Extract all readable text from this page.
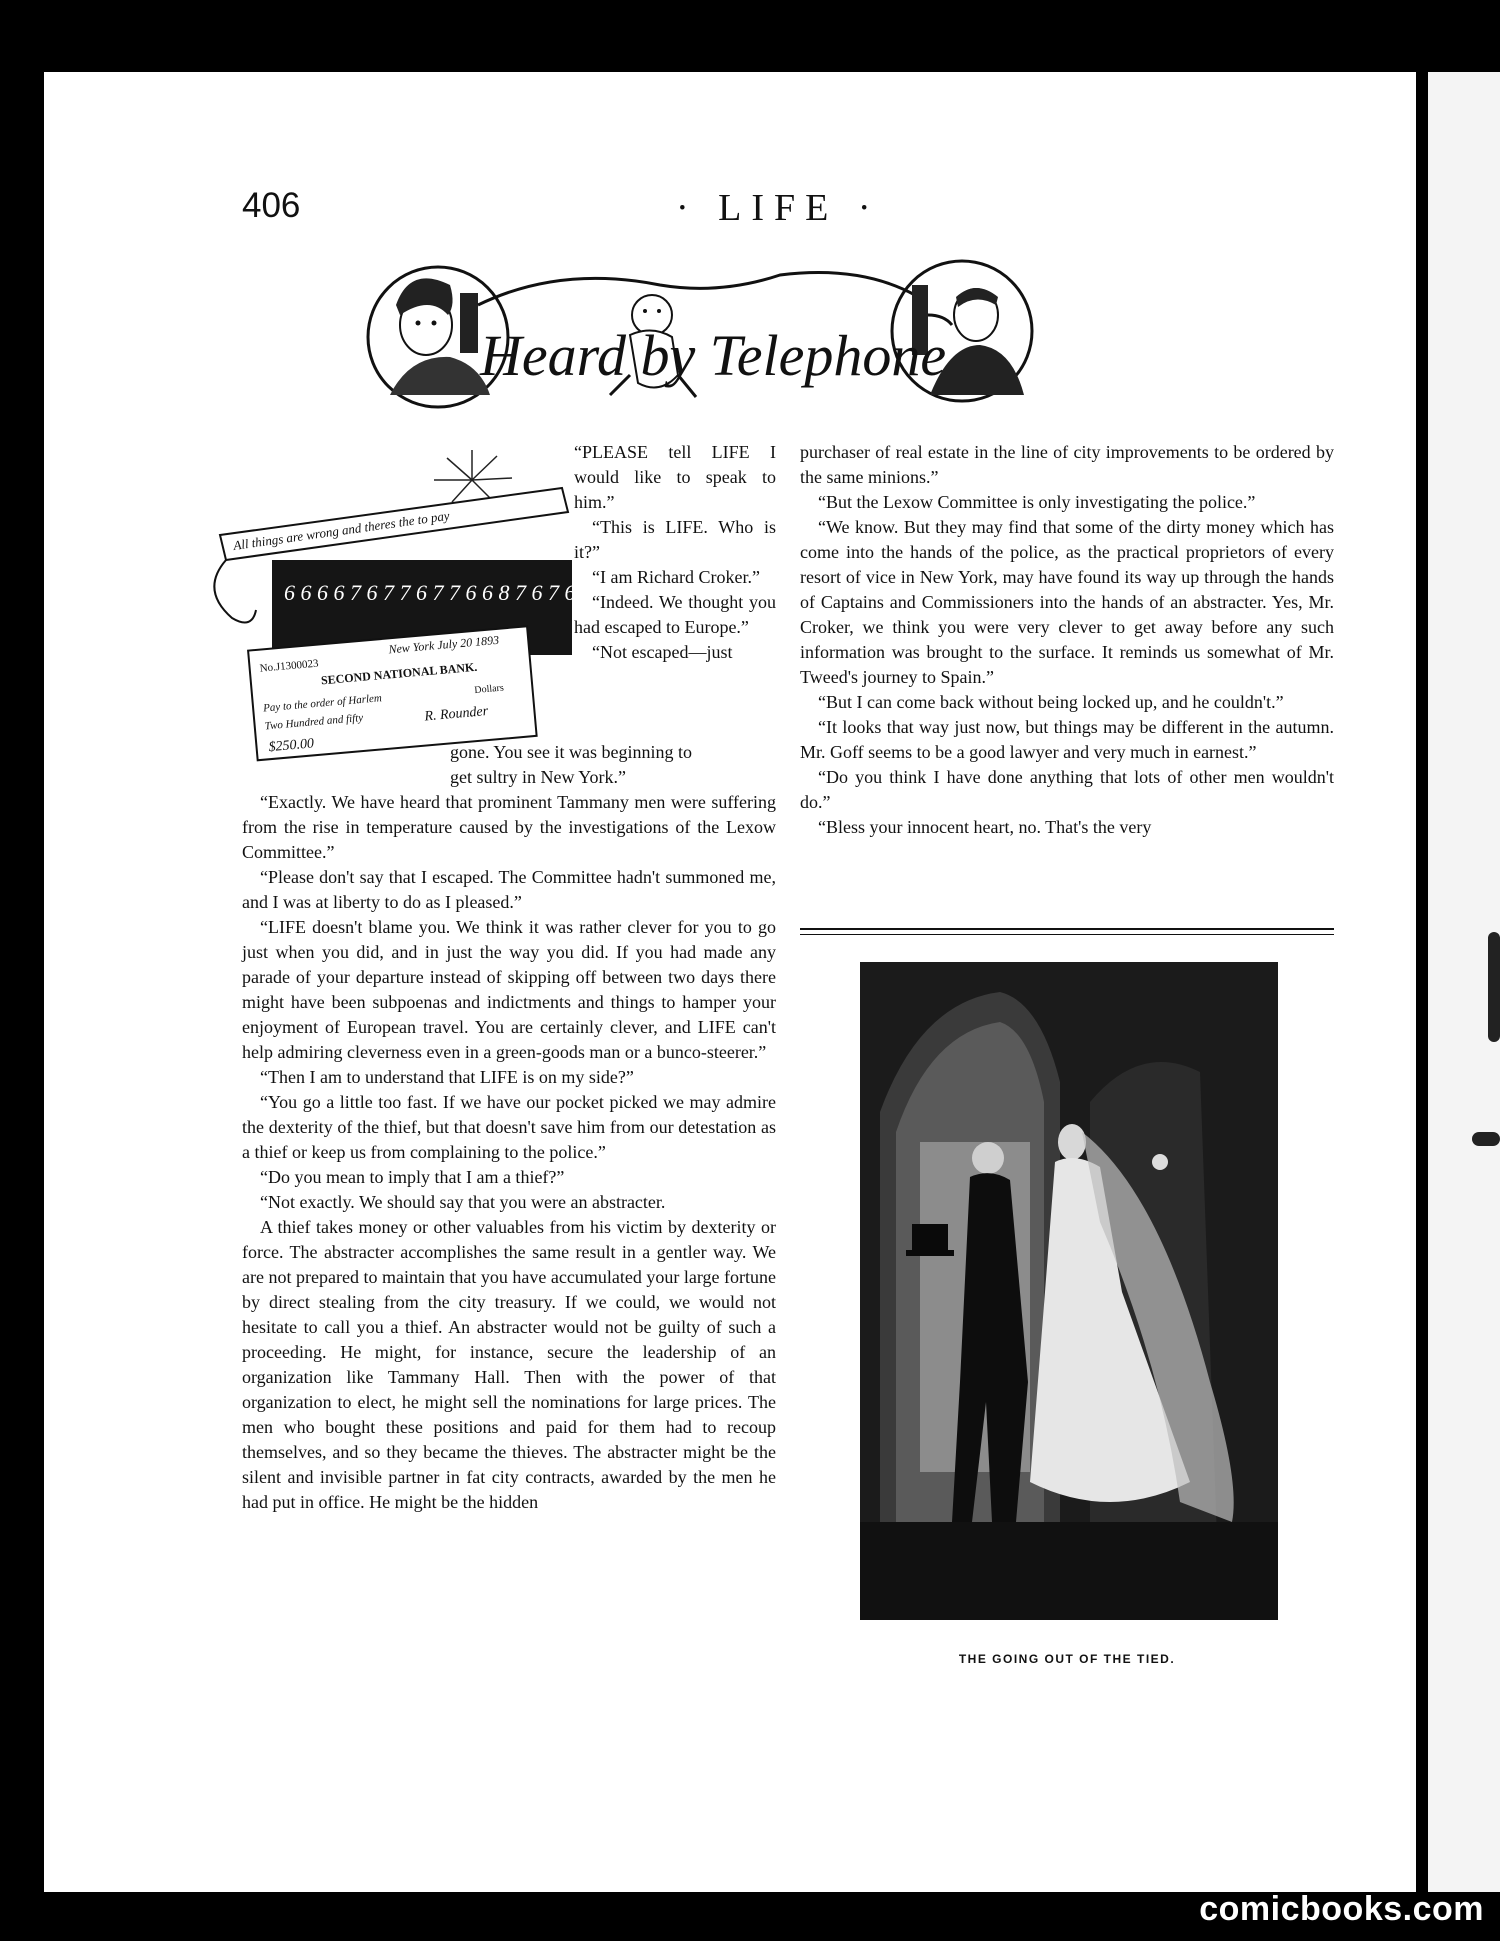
406	· LIFE ·
Heard by Telephone
All things are wrong and theres the to pay
6 6 6 6 7 6 7 7 6 7 7 6 6 8 7 6 7 6 6 7 7
No.J1300023
New York July 20 1893
SECOND NATIONAL BANK.
Pay to the order of Harlem
Two Hundred and fifty
Dollars
R. Rounder
$250.00

“PLEASE tell LIFE I would like to speak to him.”

“This is LIFE. Who is it?”

“I am Richard Croker.”

“Indeed. We thought you had escaped to Europe.”

“Not escaped—just

gone. You see it was beginning to

get sultry in New York.”

“Exactly. We have heard that prominent Tammany men were suffering from the rise in temperature caused by the investigations of the Lexow Committee.”

“Please don't say that I escaped. The Committee hadn't summoned me, and I was at liberty to do as I pleased.”

“LIFE doesn't blame you. We think it was rather clever for you to go just when you did, and in just the way you did. If you had made any parade of your departure instead of skipping off between two days there might have been subpoenas and indictments and things to hamper your enjoyment of European travel. You are certainly clever, and LIFE can't help admiring cleverness even in a green-goods man or a bunco-steerer.”

“Then I am to understand that LIFE is on my side?”

“You go a little too fast. If we have our pocket picked we may admire the dexterity of the thief, but that doesn't save him from our detestation as a thief or keep us from complaining to the police.”

“Do you mean to imply that I am a thief?”

“Not exactly. We should say that you were an abstracter.

A thief takes money or other valuables from his victim by dexterity or force. The abstracter accomplishes the same result in a gentler way. We are not prepared to maintain that you have accumulated your large fortune by direct stealing from the city treasury. If we could, we would not hesitate to call you a thief. An abstracter would not be guilty of such a proceeding. He might, for instance, secure the leadership of an organization like Tammany Hall. Then with the power of that organization to elect, he might sell the nominations for large prices. The men who bought these positions and paid for them had to recoup themselves, and so they became the thieves. The abstracter might be the silent and invisible partner in fat city contracts, awarded by the men he had put in office. He might be the hidden

purchaser of real estate in the line of city improvements to be ordered by the same minions.”

“But the Lexow Committee is only investigating the police.”

“We know. But they may find that some of the dirty money which has come into the hands of the police, as the practical proprietors of every resort of vice in New York, may have found its way up through the hands of Captains and Commissioners into the hands of an abstracter. Yes, Mr. Croker, we think you were very clever to get away before any such information was brought to the surface. It reminds us somewhat of Mr. Tweed's journey to Spain.”

“But I can come back without being locked up, and he couldn't.”

“It looks that way just now, but things may be different in the autumn. Mr. Goff seems to be a good lawyer and very much in earnest.”

“Do you think I have done anything that lots of other men wouldn't do.”

“Bless your innocent heart, no. That's the very

THE GOING OUT OF THE TIED.
comicbooks.com
